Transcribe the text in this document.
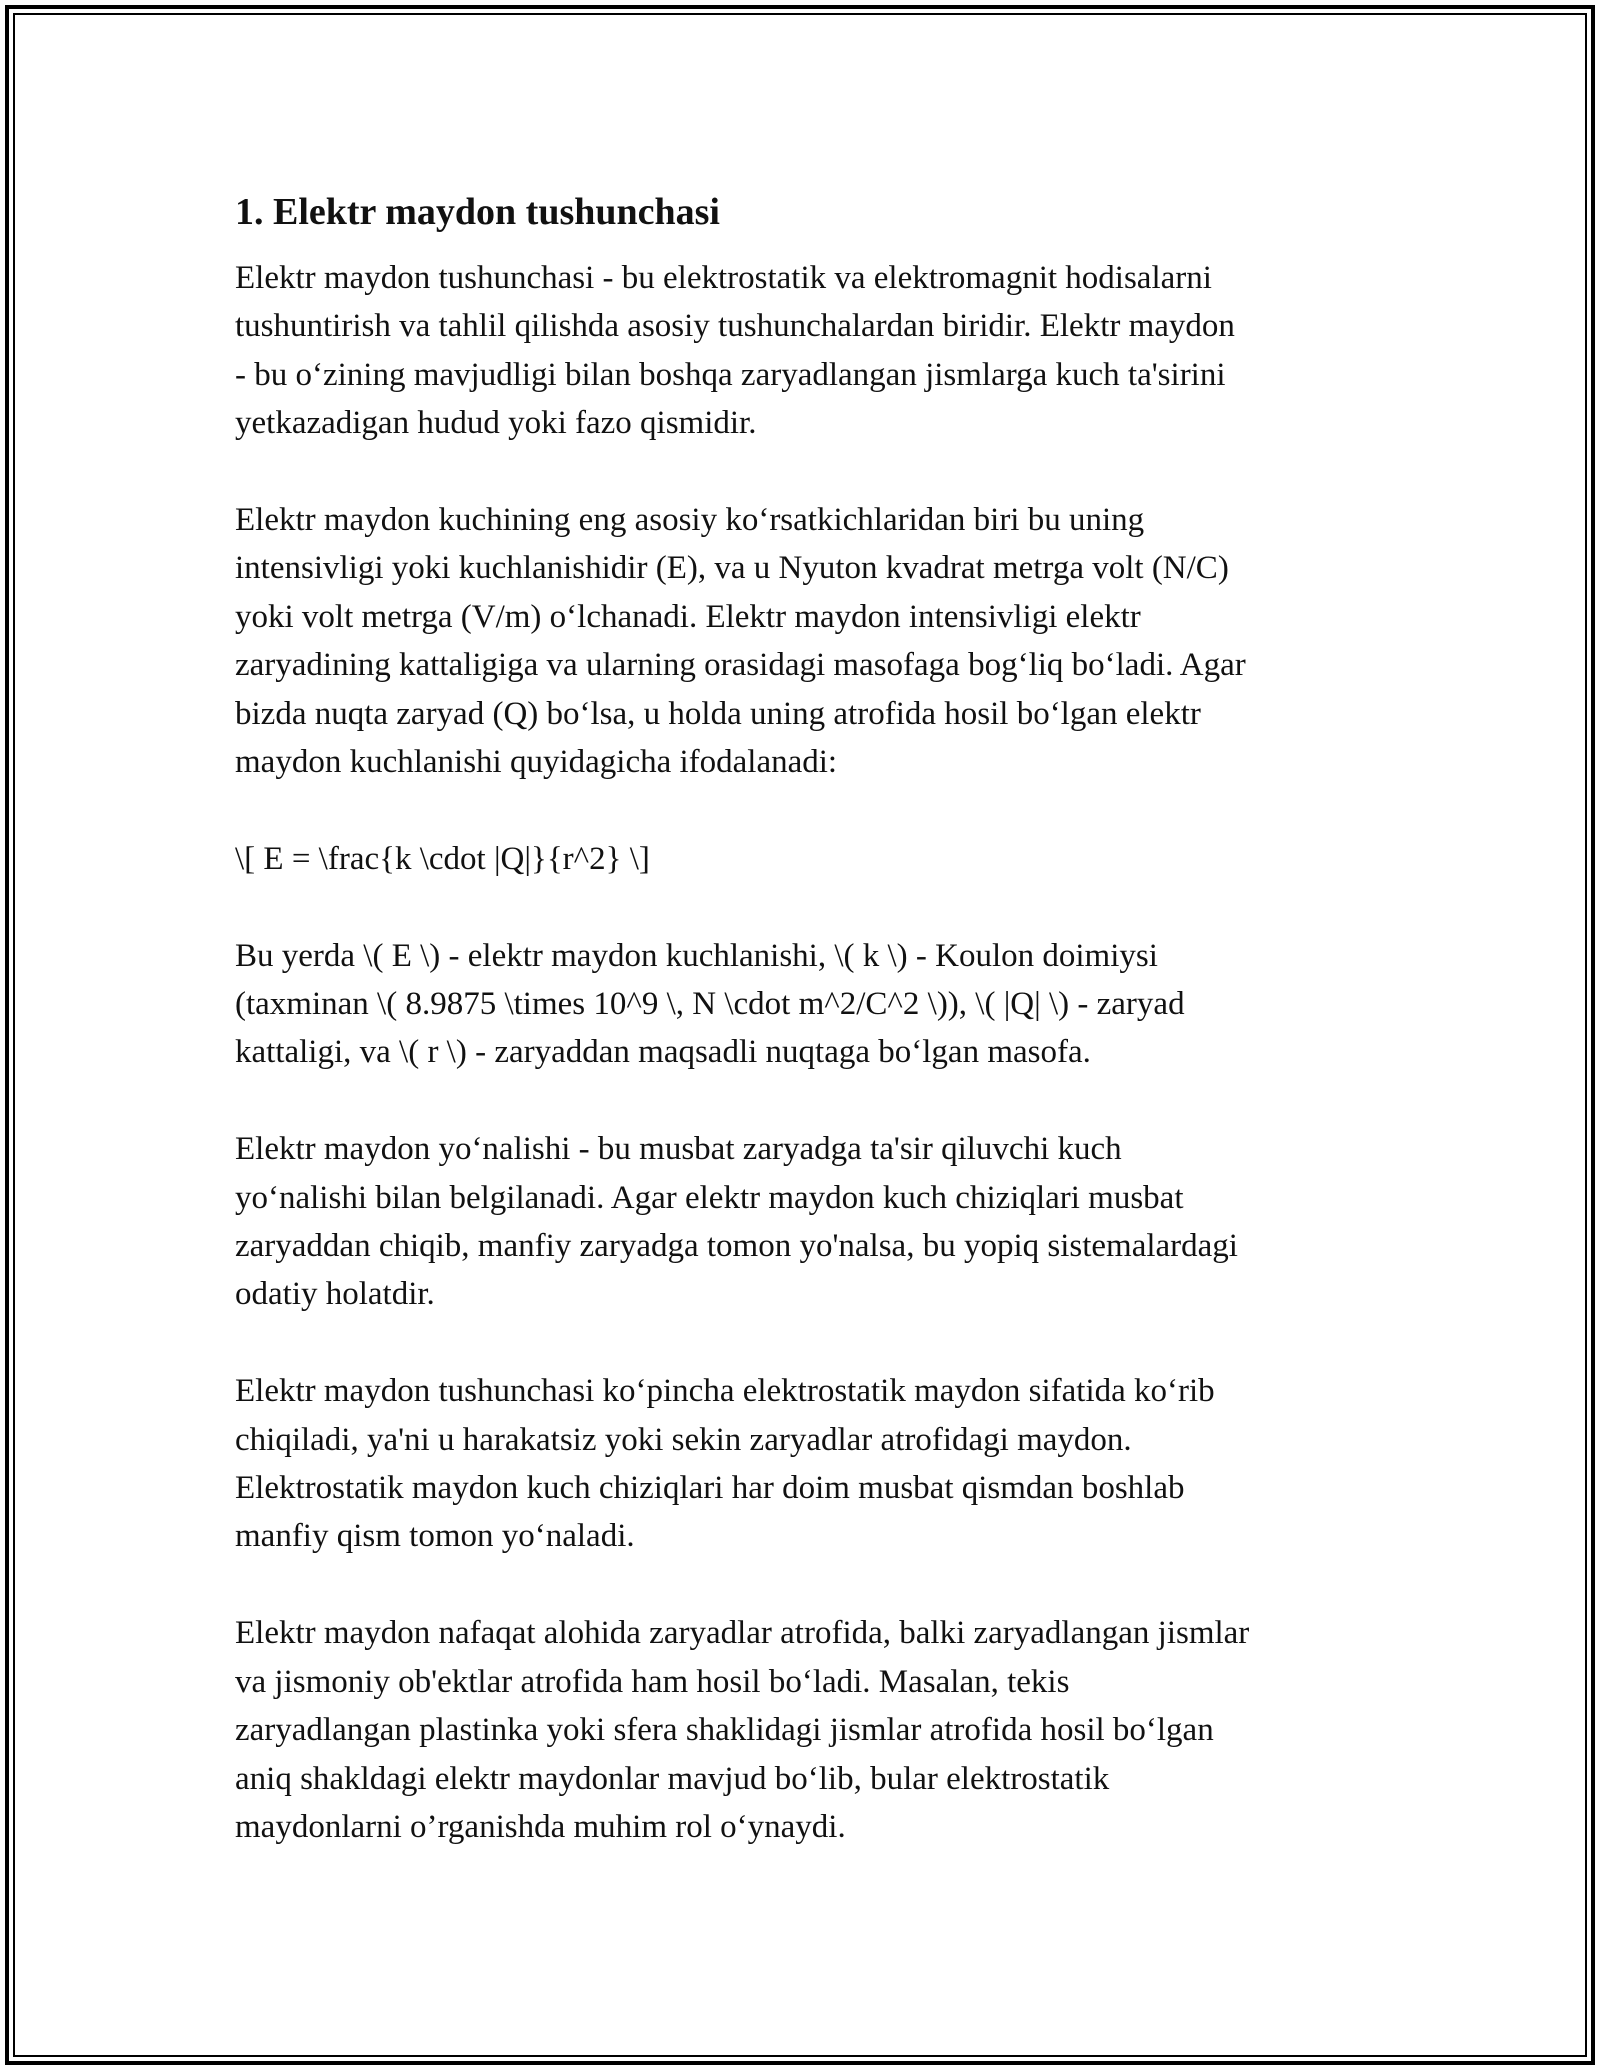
1. Elektr maydon tushunchasi

Elektr maydon tushunchasi - bu elektrostatik va elektromagnit hodisalarni
tushuntirish va tahlil qilishda asosiy tushunchalardan biridir. Elektr maydon
- bu o‘zining mavjudligi bilan boshqa zaryadlangan jismlarga kuch ta'sirini
yetkazadigan hudud yoki fazo qismidir.

Elektr maydon kuchining eng asosiy ko‘rsatkichlaridan biri bu uning
intensivligi yoki kuchlanishidir (E), va u Nyuton kvadrat metrga volt (N/C)
yoki volt metrga (V/m) o‘lchanadi. Elektr maydon intensivligi elektr
zaryadining kattaligiga va ularning orasidagi masofaga bog‘liq bo‘ladi. Agar
bizda nuqta zaryad (Q) bo‘lsa, u holda uning atrofida hosil bo‘lgan elektr
maydon kuchlanishi quyidagicha ifodalanadi:

\[ E = \frac{k \cdot |Q|}{r^2} \]

Bu yerda \( E \) - elektr maydon kuchlanishi, \( k \) - Koulon doimiysi
(taxminan \( 8.9875 \times 10^9 \, N \cdot m^2/C^2 \)), \( |Q| \) - zaryad
kattaligi, va \( r \) - zaryaddan maqsadli nuqtaga bo‘lgan masofa.

Elektr maydon yo‘nalishi - bu musbat zaryadga ta'sir qiluvchi kuch
yo‘nalishi bilan belgilanadi. Agar elektr maydon kuch chiziqlari musbat
zaryaddan chiqib, manfiy zaryadga tomon yo'nalsa, bu yopiq sistemalardagi
odatiy holatdir.

Elektr maydon tushunchasi ko‘pincha elektrostatik maydon sifatida ko‘rib
chiqiladi, ya'ni u harakatsiz yoki sekin zaryadlar atrofidagi maydon.
Elektrostatik maydon kuch chiziqlari har doim musbat qismdan boshlab
manfiy qism tomon yo‘naladi.

Elektr maydon nafaqat alohida zaryadlar atrofida, balki zaryadlangan jismlar
va jismoniy ob'ektlar atrofida ham hosil bo‘ladi. Masalan, tekis
zaryadlangan plastinka yoki sfera shaklidagi jismlar atrofida hosil bo‘lgan
aniq shakldagi elektr maydonlar mavjud bo‘lib, bular elektrostatik
maydonlarni o’rganishda muhim rol o‘ynaydi.
